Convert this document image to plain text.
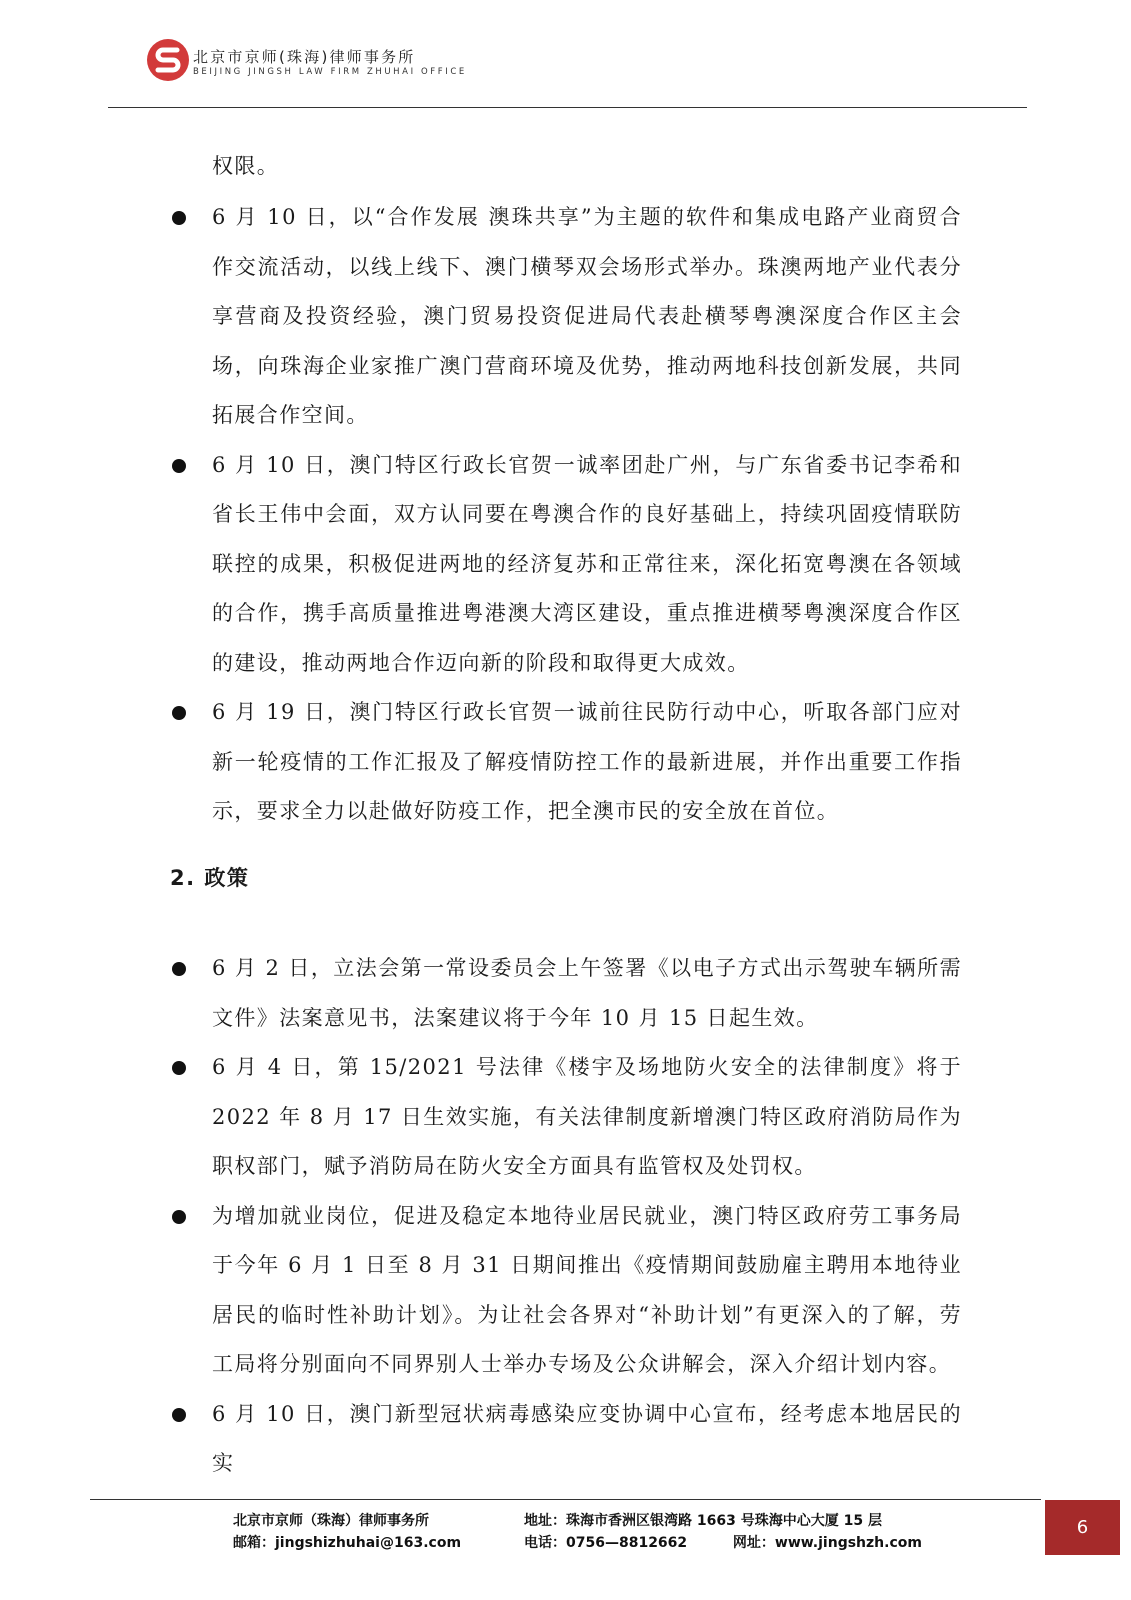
北京市京师(珠海)律师事务所
BEIJING JINGSH LAW FIRM ZHUHAI OFFICE
权限。
6 月 10 日，以“合作发展 澳珠共享”为主题的软件和集成电路产业商贸合作交流活动，以线上线下、澳门横琴双会场形式举办。珠澳两地产业代表分享营商及投资经验，澳门贸易投资促进局代表赴横琴粤澳深度合作区主会场，向珠海企业家推广澳门营商环境及优势，推动两地科技创新发展，共同拓展合作空间。
6 月 10 日，澳门特区行政长官贺一诚率团赴广州，与广东省委书记李希和省长王伟中会面，双方认同要在粤澳合作的良好基础上，持续巩固疫情联防联控的成果，积极促进两地的经济复苏和正常往来，深化拓宽粤澳在各领域的合作，携手高质量推进粤港澳大湾区建设，重点推进横琴粤澳深度合作区的建设，推动两地合作迈向新的阶段和取得更大成效。
6 月 19 日，澳门特区行政长官贺一诚前往民防行动中心，听取各部门应对新一轮疫情的工作汇报及了解疫情防控工作的最新进展，并作出重要工作指示，要求全力以赴做好防疫工作，把全澳市民的安全放在首位。
2. 政策
6 月 2 日，立法会第一常设委员会上午签署《以电子方式出示驾驶车辆所需文件》法案意见书，法案建议将于今年 10 月 15 日起生效。
6 月 4 日，第 15/2021 号法律《楼宇及场地防火安全的法律制度》将于 2022 年 8 月 17 日生效实施，有关法律制度新增澳门特区政府消防局作为职权部门，赋予消防局在防火安全方面具有监管权及处罚权。
为增加就业岗位，促进及稳定本地待业居民就业，澳门特区政府劳工事务局于今年 6 月 1 日至 8 月 31 日期间推出《疫情期间鼓励雇主聘用本地待业居民的临时性补助计划》。为让社会各界对“补助计划”有更深入的了解，劳工局将分别面向不同界别人士举办专场及公众讲解会，深入介绍计划内容。
6 月 10 日，澳门新型冠状病毒感染应变协调中心宣布，经考虑本地居民的实
北京市京师（珠海）律师事务所
邮箱：jingshizhuhai@163.com
地址：珠海市香洲区银湾路 1663 号珠海中心大厦 15 层
电话：0756—8812662	网址：www.jingshzh.com
6
